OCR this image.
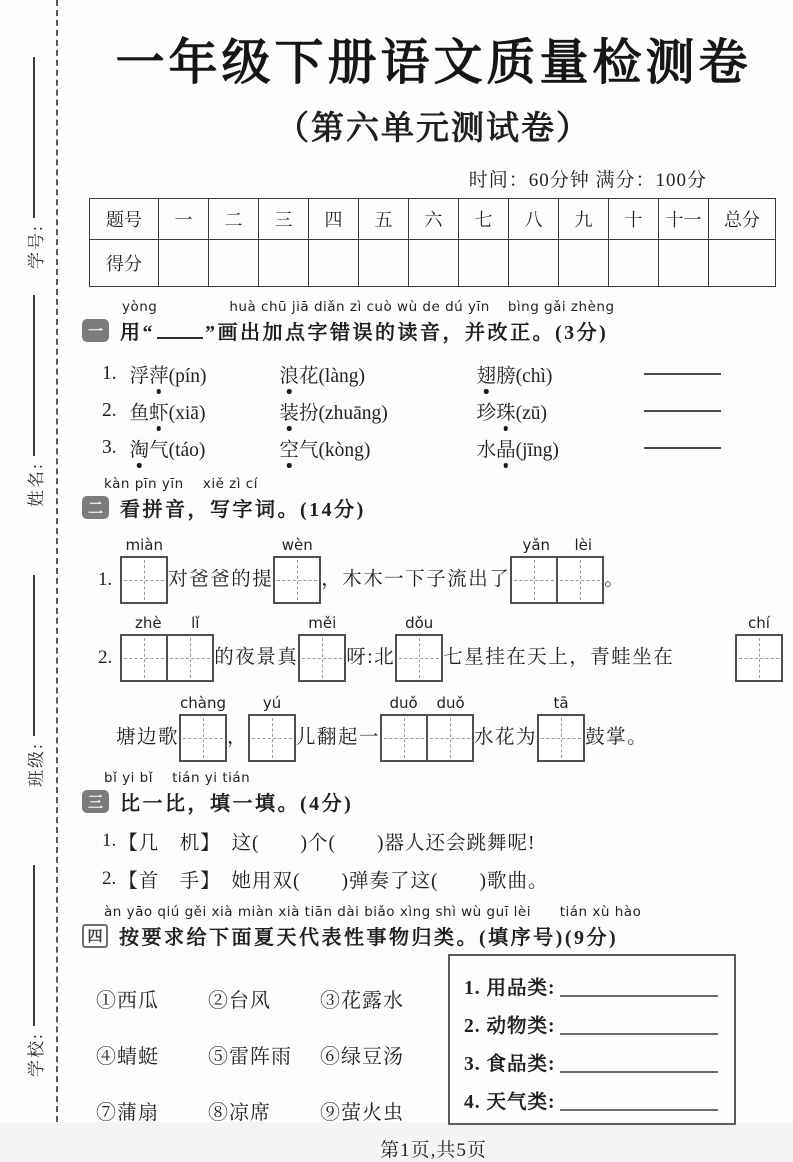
学号:
姓名:
班级:
学校:
一年级下册语文质量检测卷
（第六单元测试卷）
时间：60分钟 满分：100分
题号	一	二	三	四	五	六	七	八	九	十	十一	总分
得分												
yòng	huà chū jiā diǎn zì cuò wù de dú yīn bìng gǎi zhèng
一 用“	”画出加点字错误的读音，并改正。(3分)
1. 浮萍(pín)	浪花(làng)	翅膀(chì)
2. 鱼虾(xiā)	装扮(zhuāng)	珍珠(zū)
3. 淘气(táo)	空气(kòng)	水晶(jīng)
kàn pīn yīn    xiě zì cí
二 看拼音，写字词。(14分)
1.
miàn
对爸爸的提
wèn
，木木一下子流出了
yǎn lèi
。
2.
zhè lǐ
的夜景真
měi
呀:北
dǒu
七星挂在天上，青蛙坐在
chí
塘边歌
chàng
，
yú
儿翻起一
duǒ duǒ
水花为
tā
鼓掌。
bǐ yi bǐ    tián yi tián
三 比一比，填一填。(4分)
1. 【几　机】　这(　　)个(　　)器人还会跳舞呢!
2. 【首　手】　她用双(　　)弹奏了这(　　)歌曲。
àn yāo qiú gěi xià miàn xià tiān dài biǎo xìng shì wù guī lèi      tián xù hào
四 按要求给下面夏天代表性事物归类。(填序号)(9分)
①西瓜	②台风	③花露水
④蜻蜓	⑤雷阵雨	⑥绿豆汤
⑦蒲扇	⑧凉席	⑨萤火虫
1. 用品类:
2. 动物类:
3. 食品类:
4. 天气类:
第1页,共5页
